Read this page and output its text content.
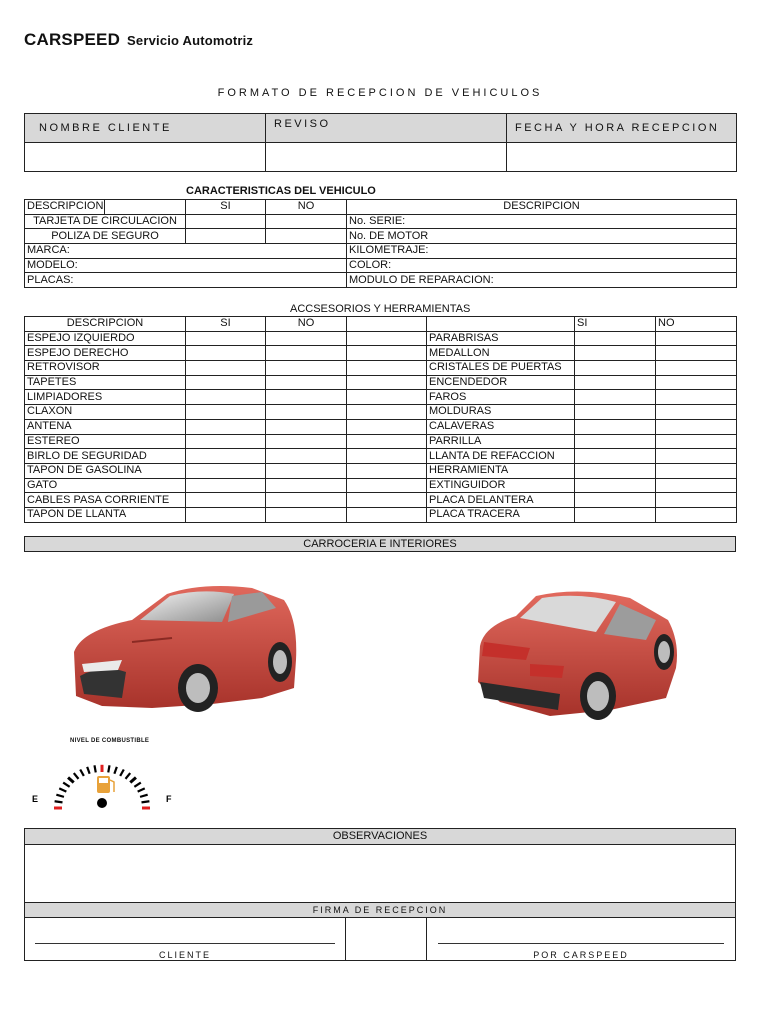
CARSPEED Servicio Automotriz
FORMATO DE RECEPCION DE VEHICULOS
NOMBRE CLIENTE	REVISO	FECHA Y HORA RECEPCION

CARACTERISTICAS DEL VEHICULO
DESCRIPCION		SI	NO	DESCRIPCION
TARJETA DE CIRCULACION				No. SERIE:
POLIZA DE SEGURO				No. DE MOTOR
MARCA:				KILOMETRAJE:
MODELO:				COLOR:
PLACAS:				MODULO DE REPARACION:
ACCSESORIOS Y HERRAMIENTAS
DESCRIPCION	SI	NO			SI	NO
ESPEJO IZQUIERDO				PARABRISAS		
ESPEJO DERECHO				MEDALLON		
RETROVISOR				CRISTALES DE PUERTAS		
TAPETES				ENCENDEDOR		
LIMPIADORES				FAROS		
CLAXON				MOLDURAS		
ANTENA				CALAVERAS		
ESTEREO				PARRILLA		
BIRLO DE SEGURIDAD				LLANTA DE REFACCION		
TAPON DE GASOLINA				HERRAMIENTA		
GATO				EXTINGUIDOR		
CABLES PASA CORRIENTE				PLACA DELANTERA		
TAPON DE LLANTA				PLACA TRACERA		
CARROCERIA E INTERIORES
NIVEL DE COMBUSTIBLE
E	F
OBSERVACIONES
FIRMA DE RECEPCION
CLIENTE	POR CARSPEED
